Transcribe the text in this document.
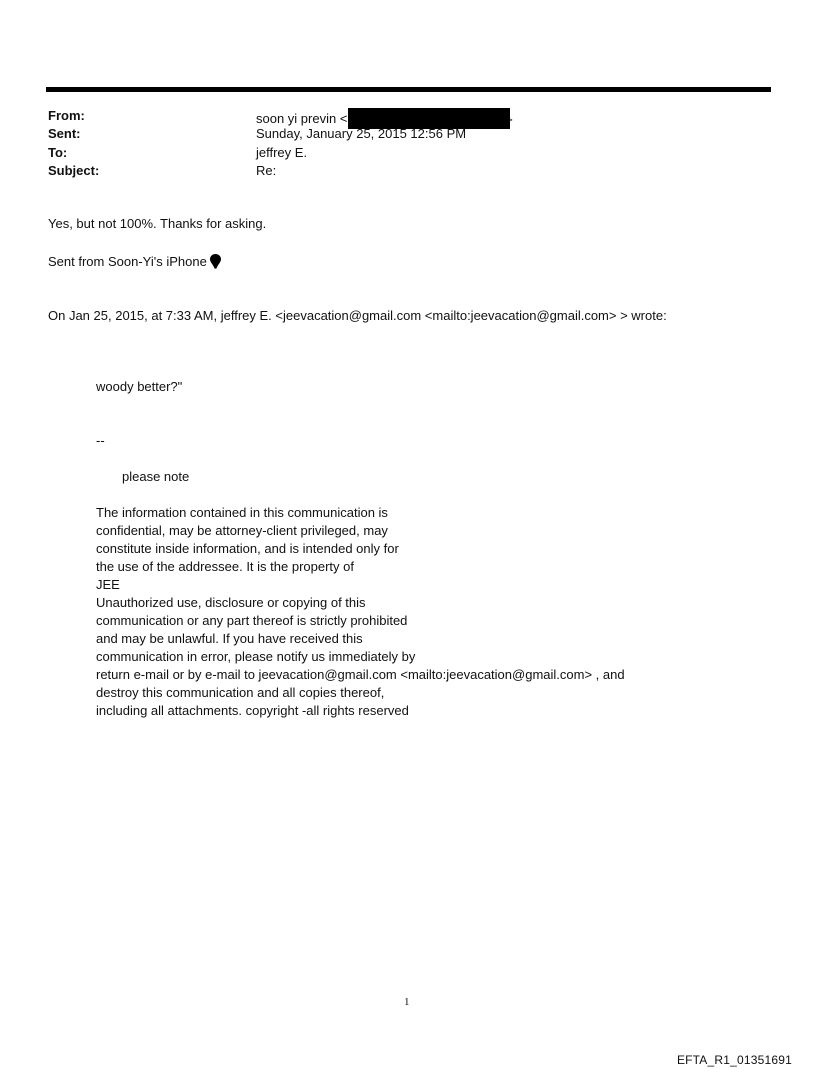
From:	soon yi previn <	>
Sent:	Sunday, January 25, 2015 12:56 PM
To:	jeffrey E.
Subject:	Re:
Yes, but not 100%. Thanks for asking.
Sent from Soon-Yi's iPhone
On Jan 25, 2015, at 7:33 AM, jeffrey E. <jeevacation@gmail.com <mailto:jeevacation@gmail.com> > wrote:
woody better?"
--
please note
The information contained in this communication is
confidential, may be attorney-client privileged, may
constitute inside information, and is intended only for
the use of the addressee. It is the property of
JEE
Unauthorized use, disclosure or copying of this
communication or any part thereof is strictly prohibited
and may be unlawful. If you have received this
communication in error, please notify us immediately by
return e-mail or by e-mail to jeevacation@gmail.com <mailto:jeevacation@gmail.com> , and
destroy this communication and all copies thereof,
including all attachments. copyright -all rights reserved
1
EFTA_R1_01351691
